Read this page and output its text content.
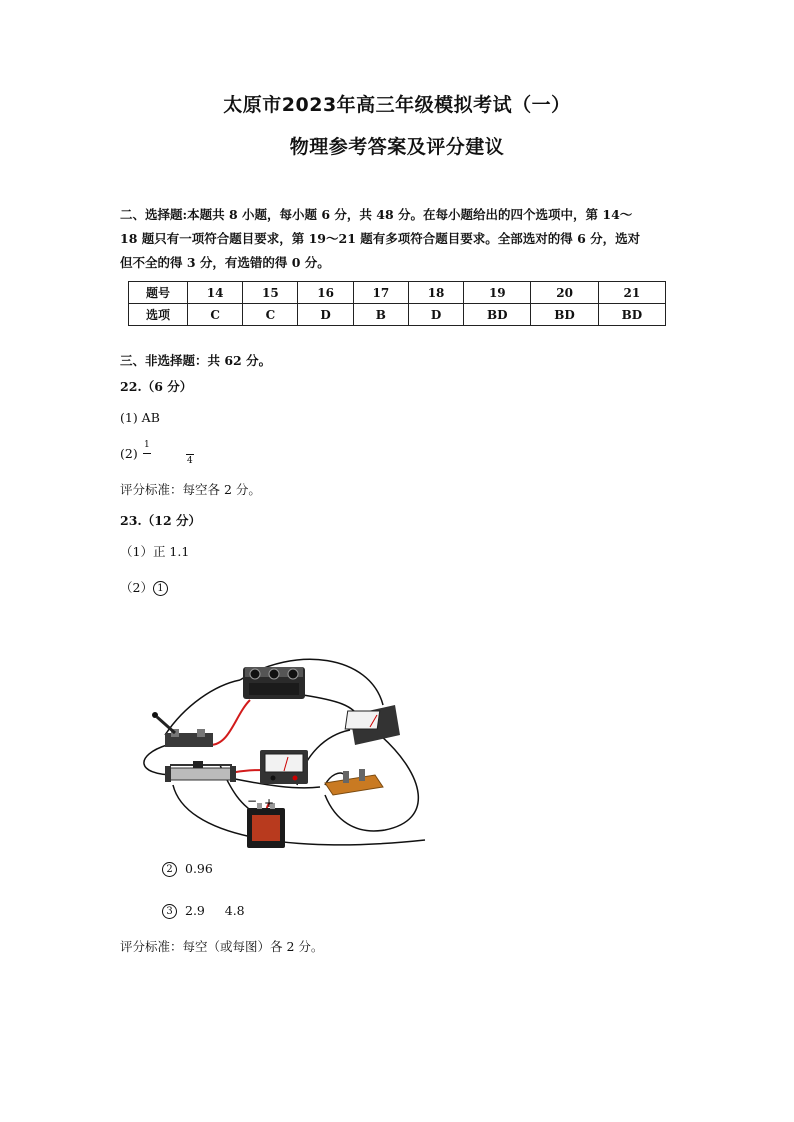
太原市2023年高三年级模拟考试（一）
物理参考答案及评分建议
二、选择题:本题共 8 小题，每小题 6 分，共 48 分。在每小题给出的四个选项中，第 14～
18 题只有一项符合题目要求，第 19～21 题有多项符合题目要求。全部选对的得 6 分，选对
但不全的得 3 分，有选错的得 0 分。
题号	14	15	16	17	18	19	20	21
选项	C	C	D	B	D	BD	BD	BD
三、非选择题：共 62 分。
22.（6 分）
(1) AB
(2)
1
4
评分标准：每空各 2 分。
23.（12 分）
（1）正 1.1
（2） 1
− +
2 0.96
3 2.9     4.8
评分标准：每空（或每图）各 2 分。
